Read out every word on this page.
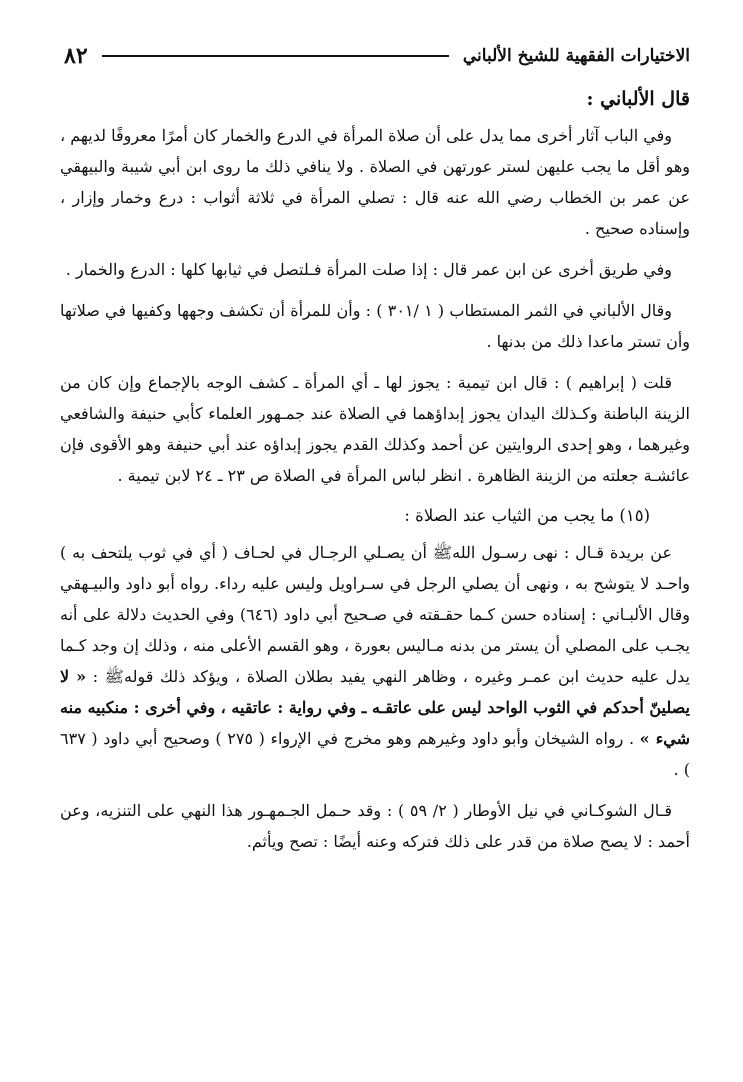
الاختيارات الفقهية للشيخ الألباني
٨٢
قال الألباني :

وفي الباب آثار أخرى مما يدل على أن صلاة المرأة في الدرع والخمار كان أمرًا معروفًا لديهم ، وهو أقل ما يجب عليهن لستر عورتهن في الصلاة . ولا ينافي ذلك ما روى ابن أبي شيبة والبيهقي عن عمر بن الخطاب رضي الله عنه قال : تصلي المرأة في ثلاثة أثواب : درع وخمار وإزار ، وإسناده صحيح .

وفي طريق أخرى عن ابن عمر قال : إذا صلت المرأة فـلتصل في ثيابها كلها : الدرع والخمار .

وقال الألباني في الثمر المستطاب ( ١ /٣٠١ ) : وأن للمرأة أن تكشف وجهها وكفيها في صلاتها وأن تستر ماعدا ذلك من بدنها .

قلت ( إبراهيم ) : قال ابن تيمية : يجوز لها ـ أي المرأة ـ كشف الوجه بالإجماع وإن كان من الزينة الباطنة وكـذلك اليدان يجوز إبداؤهما في الصلاة عند جمـهور العلماء كأبي حنيفة والشافعي وغيرهما ، وهو إحدى الروايتين عن أحمد وكذلك القدم يجوز إبداؤه عند أبي حنيفة وهو الأقوى فإن عائشـة جعلته من الزينة الظاهرة . انظر لباس المرأة في الصلاة ص ٢٣ ـ ٢٤ لابن تيمية .

(١٥) ما يجب من الثياب عند الصلاة :

عن بريدة قـال : نهى رسـول اللهﷺ أن يصـلي الرجـال في لحـاف ( أي في ثوب يلتحف به ) واحـد لا يتوشح به ، ونهى أن يصلي الرجل في سـراويل وليس عليه رداء. رواه أبو داود والبيـهقي وقال الألبـاني : إسناده حسن كـما حقـقته في صـحيح أبي داود (٦٤٦) وفي الحديث دلالة على أنه يجـب على المصلي أن يستر من بدنه مـاليس بعورة ، وهو القسم الأعلى منه ، وذلك إن وجد كـما يدل عليه حديث ابن عمـر وغيره ، وظاهر النهي يفيد بطلان الصلاة ، ويؤكد ذلك قولهﷺ : « لا يصلينّ أحدكم في الثوب الواحد ليس على عاتقـه ـ وفي رواية : عاتقيه ، وفي أخرى : منكبيه منه شيء » . رواه الشيخان وأبو داود وغيرهم وهو مخرج في الإرواء ( ٢٧٥ ) وصحيح أبي داود ( ٦٣٧ ) .

قـال الشوكـاني في نيل الأوطار ( ٢/ ٥٩ ) : وقد حـمل الجـمهـور هذا النهي على التنزيه، وعن أحمد : لا يصح صلاة من قدر على ذلك فتركه وعنه أيضًا : تصح ويأثم.
